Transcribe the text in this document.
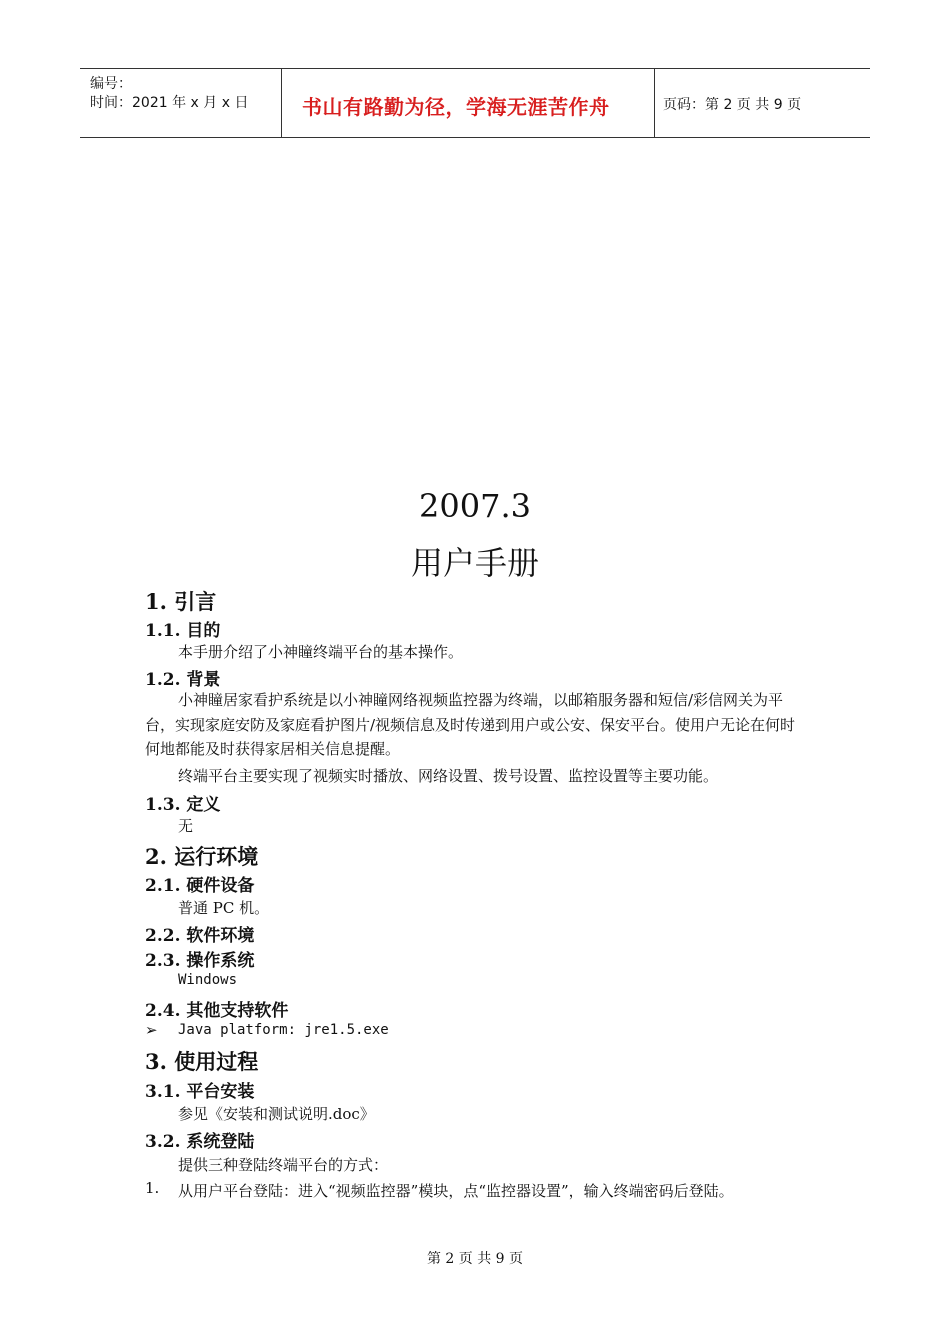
编号：
时间：2021 年 x 月 x 日	书山有路勤为径，学海无涯苦作舟	页码：第 2 页 共 9 页
2007.3
用户手册
1. 引言
1.1. 目的
本手册介绍了小神瞳终端平台的基本操作。
1.2. 背景
小神瞳居家看护系统是以小神瞳网络视频监控器为终端，以邮箱服务器和短信/彩信网关为平台，实现家庭安防及家庭看护图片/视频信息及时传递到用户或公安、保安平台。使用户无论在何时何地都能及时获得家居相关信息提醒。
终端平台主要实现了视频实时播放、网络设置、拨号设置、监控设置等主要功能。
1.3. 定义
无
2. 运行环境
2.1. 硬件设备
普通 PC 机。
2.2. 软件环境
2.3. 操作系统
Windows
2.4. 其他支持软件
➢ Java platform: jre1.5.exe
3. 使用过程
3.1. 平台安装
参见《安装和测试说明.doc》
3.2. 系统登陆
提供三种登陆终端平台的方式：
1. 从用户平台登陆：进入“视频监控器”模块，点“监控器设置”，输入终端密码后登陆。
第 2 页 共 9 页
